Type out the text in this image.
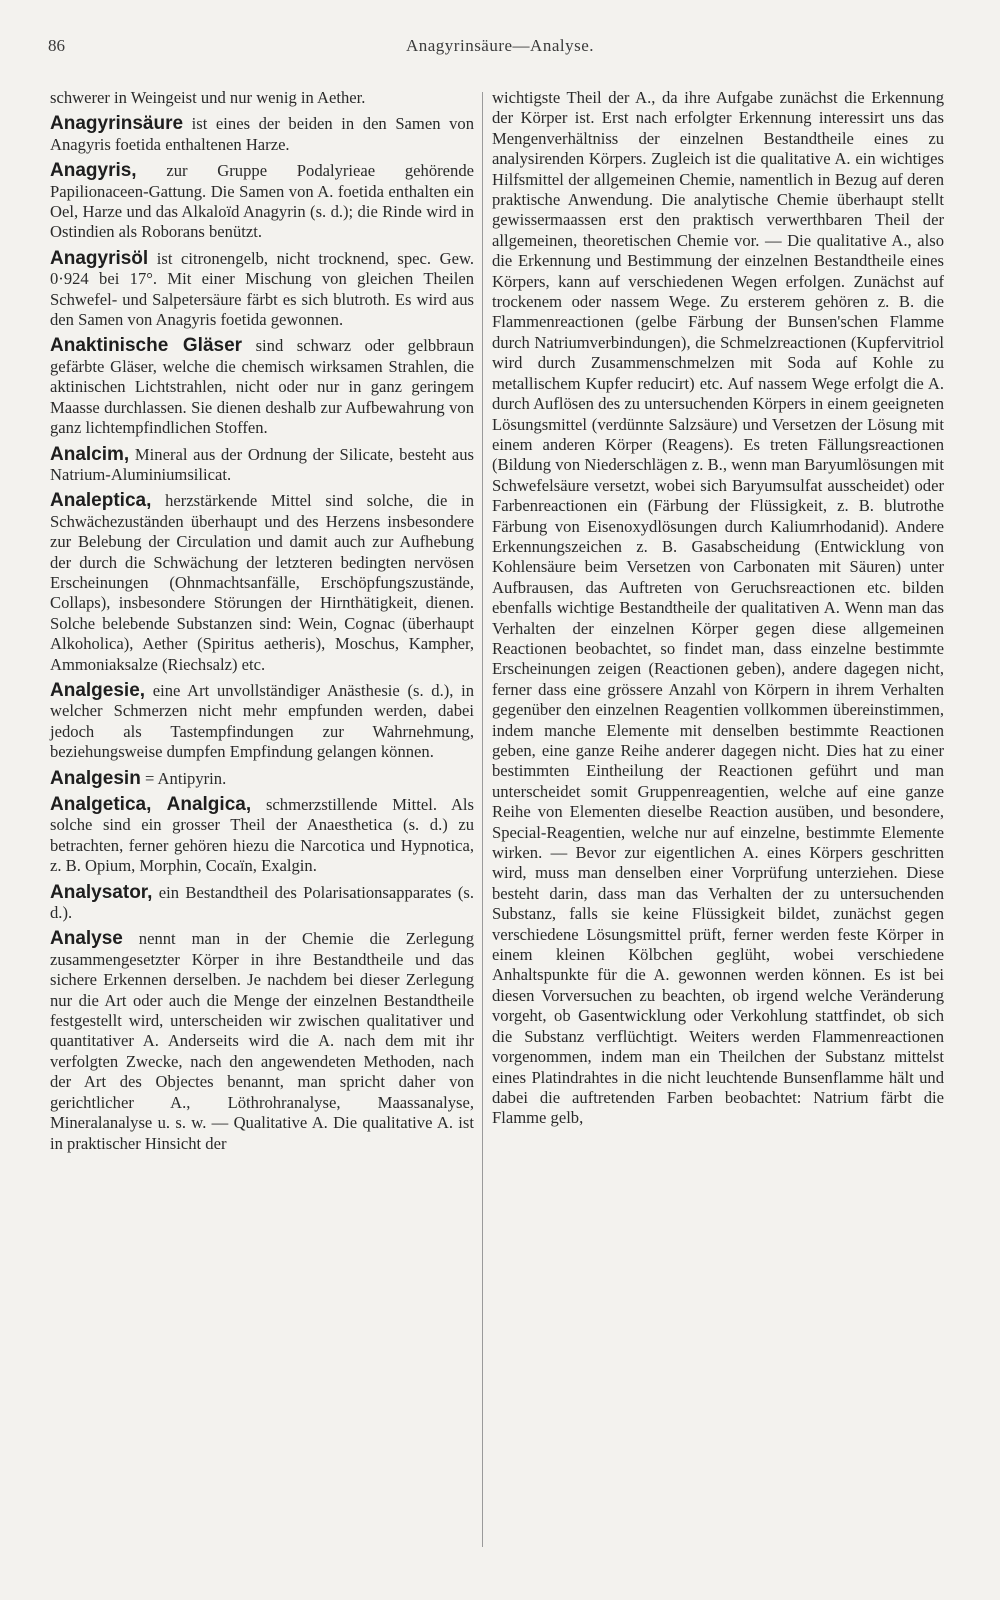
86	Anagyrinsäure—Analyse.

schwerer in Weingeist und nur wenig in Aether.

Anagyrinsäure ist eines der beiden in den Samen von Anagyris foetida enthaltenen Harze.

Anagyris, zur Gruppe Podalyrieae gehörende Papilionaceen-Gattung. Die Samen von A. foetida enthalten ein Oel, Harze und das Alkaloïd Anagyrin (s. d.); die Rinde wird in Ostindien als Roborans benützt.

Anagyrisöl ist citronengelb, nicht trocknend, spec. Gew. 0·924 bei 17°. Mit einer Mischung von gleichen Theilen Schwefel- und Salpetersäure färbt es sich blutroth. Es wird aus den Samen von Anagyris foetida gewonnen.

Anaktinische Gläser sind schwarz oder gelbbraun gefärbte Gläser, welche die chemisch wirksamen Strahlen, die aktinischen Lichtstrahlen, nicht oder nur in ganz geringem Maasse durchlassen. Sie dienen deshalb zur Aufbewahrung von ganz lichtempfindlichen Stoffen.

Analcim, Mineral aus der Ordnung der Silicate, besteht aus Natrium-Aluminiumsilicat.

Analeptica, herzstärkende Mittel sind solche, die in Schwächezuständen überhaupt und des Herzens insbesondere zur Belebung der Circulation und damit auch zur Aufhebung der durch die Schwächung der letzteren bedingten nervösen Erscheinungen (Ohnmachtsanfälle, Erschöpfungszustände, Collaps), insbesondere Störungen der Hirnthätigkeit, dienen. Solche belebende Substanzen sind: Wein, Cognac (überhaupt Alkoholica), Aether (Spiritus aetheris), Moschus, Kampher, Ammoniaksalze (Riechsalz) etc.

Analgesie, eine Art unvollständiger Anästhesie (s. d.), in welcher Schmerzen nicht mehr empfunden werden, dabei jedoch als Tastempfindungen zur Wahrnehmung, beziehungsweise dumpfen Empfindung gelangen können.

Analgesin = Antipyrin.

Analgetica, Analgica, schmerzstillende Mittel. Als solche sind ein grosser Theil der Anaesthetica (s. d.) zu betrachten, ferner gehören hiezu die Narcotica und Hypnotica, z. B. Opium, Morphin, Cocaïn, Exalgin.

Analysator, ein Bestandtheil des Polarisationsapparates (s. d.).

Analyse nennt man in der Chemie die Zerlegung zusammengesetzter Körper in ihre Bestandtheile und das sichere Erkennen derselben. Je nachdem bei dieser Zerlegung nur die Art oder auch die Menge der einzelnen Bestandtheile festgestellt wird, unterscheiden wir zwischen qualitativer und quantitativer A. Anderseits wird die A. nach dem mit ihr verfolgten Zwecke, nach den angewendeten Methoden, nach der Art des Objectes benannt, man spricht daher von gerichtlicher A., Löthrohranalyse, Maassanalyse, Mineralanalyse u. s. w. — Qualitative A. Die qualitative A. ist in praktischer Hinsicht der

wichtigste Theil der A., da ihre Aufgabe zunächst die Erkennung der Körper ist. Erst nach erfolgter Erkennung interessirt uns das Mengenverhältniss der einzelnen Bestandtheile eines zu analysirenden Körpers. Zugleich ist die qualitative A. ein wichtiges Hilfsmittel der allgemeinen Chemie, namentlich in Bezug auf deren praktische Anwendung. Die analytische Chemie überhaupt stellt gewissermaassen erst den praktisch verwerthbaren Theil der allgemeinen, theoretischen Chemie vor. — Die qualitative A., also die Erkennung und Bestimmung der einzelnen Bestandtheile eines Körpers, kann auf verschiedenen Wegen erfolgen. Zunächst auf trockenem oder nassem Wege. Zu ersterem gehören z. B. die Flammenreactionen (gelbe Färbung der Bunsen'schen Flamme durch Natriumverbindungen), die Schmelzreactionen (Kupfervitriol wird durch Zusammenschmelzen mit Soda auf Kohle zu metallischem Kupfer reducirt) etc. Auf nassem Wege erfolgt die A. durch Auflösen des zu untersuchenden Körpers in einem geeigneten Lösungsmittel (verdünnte Salzsäure) und Versetzen der Lösung mit einem anderen Körper (Reagens). Es treten Fällungsreactionen (Bildung von Niederschlägen z. B., wenn man Baryumlösungen mit Schwefelsäure versetzt, wobei sich Baryumsulfat ausscheidet) oder Farbenreactionen ein (Färbung der Flüssigkeit, z. B. blutrothe Färbung von Eisenoxydlösungen durch Kaliumrhodanid). Andere Erkennungszeichen z. B. Gasabscheidung (Entwicklung von Kohlensäure beim Versetzen von Carbonaten mit Säuren) unter Aufbrausen, das Auftreten von Geruchsreactionen etc. bilden ebenfalls wichtige Bestandtheile der qualitativen A. Wenn man das Verhalten der einzelnen Körper gegen diese allgemeinen Reactionen beobachtet, so findet man, dass einzelne bestimmte Erscheinungen zeigen (Reactionen geben), andere dagegen nicht, ferner dass eine grössere Anzahl von Körpern in ihrem Verhalten gegenüber den einzelnen Reagentien vollkommen übereinstimmen, indem manche Elemente mit denselben bestimmte Reactionen geben, eine ganze Reihe anderer dagegen nicht. Dies hat zu einer bestimmten Eintheilung der Reactionen geführt und man unterscheidet somit Gruppenreagentien, welche auf eine ganze Reihe von Elementen dieselbe Reaction ausüben, und besondere, Special-Reagentien, welche nur auf einzelne, bestimmte Elemente wirken. — Bevor zur eigentlichen A. eines Körpers geschritten wird, muss man denselben einer Vorprüfung unterziehen. Diese besteht darin, dass man das Verhalten der zu untersuchenden Substanz, falls sie keine Flüssigkeit bildet, zunächst gegen verschiedene Lösungsmittel prüft, ferner werden feste Körper in einem kleinen Kölbchen geglüht, wobei verschiedene Anhaltspunkte für die A. gewonnen werden können. Es ist bei diesen Vorversuchen zu beachten, ob irgend welche Veränderung vorgeht, ob Gasentwicklung oder Verkohlung stattfindet, ob sich die Substanz verflüchtigt. Weiters werden Flammenreactionen vorgenommen, indem man ein Theilchen der Substanz mittelst eines Platindrahtes in die nicht leuchtende Bunsenflamme hält und dabei die auftretenden Farben beobachtet: Natrium färbt die Flamme gelb,
